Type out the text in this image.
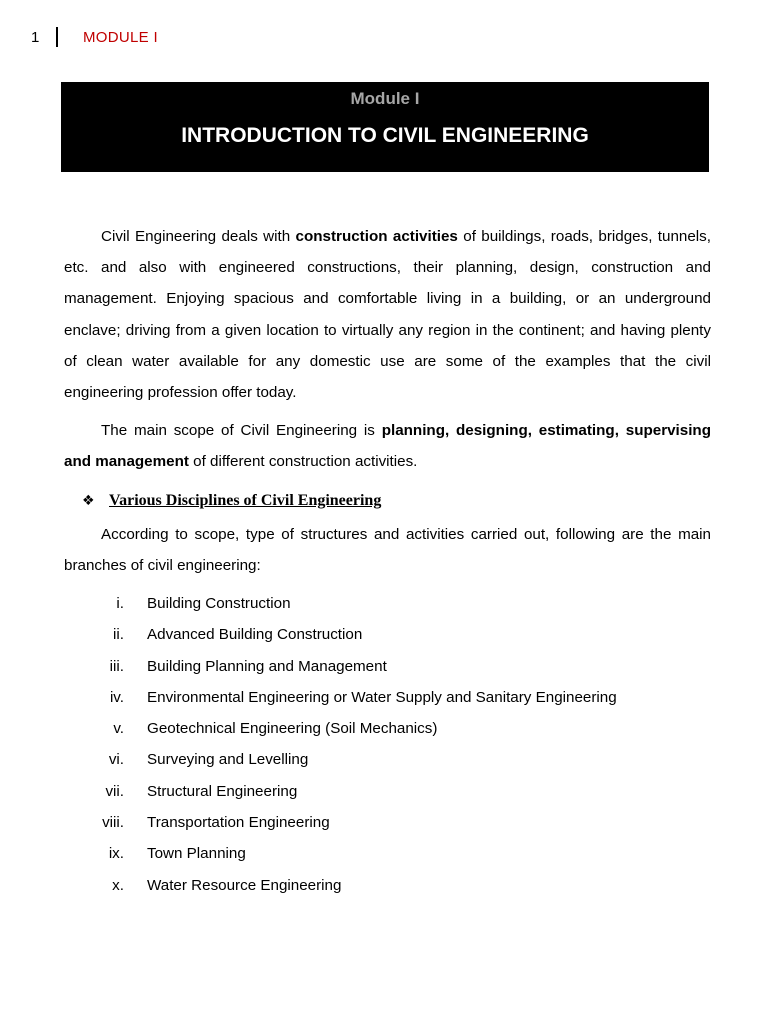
1	MODULE I
Module I
INTRODUCTION TO CIVIL ENGINEERING

Civil Engineering deals with construction activities of buildings, roads, bridges, tunnels, etc. and also with engineered constructions, their planning, design, construction and management. Enjoying spacious and comfortable living in a building, or an underground enclave; driving from a given location to virtually any region in the continent; and having plenty of clean water available for any domestic use are some of the examples that the civil engineering profession offer today.

The main scope of Civil Engineering is planning, designing, estimating, supervising and management of different construction activities.

❖ Various Disciplines of Civil Engineering

According to scope, type of structures and activities carried out, following are the main branches of civil engineering:

i. Building Construction
ii. Advanced Building Construction
iii. Building Planning and Management
iv. Environmental Engineering or Water Supply and Sanitary Engineering
v. Geotechnical Engineering (Soil Mechanics)
vi. Surveying and Levelling
vii. Structural Engineering
viii. Transportation Engineering
ix. Town Planning
x. Water Resource Engineering
